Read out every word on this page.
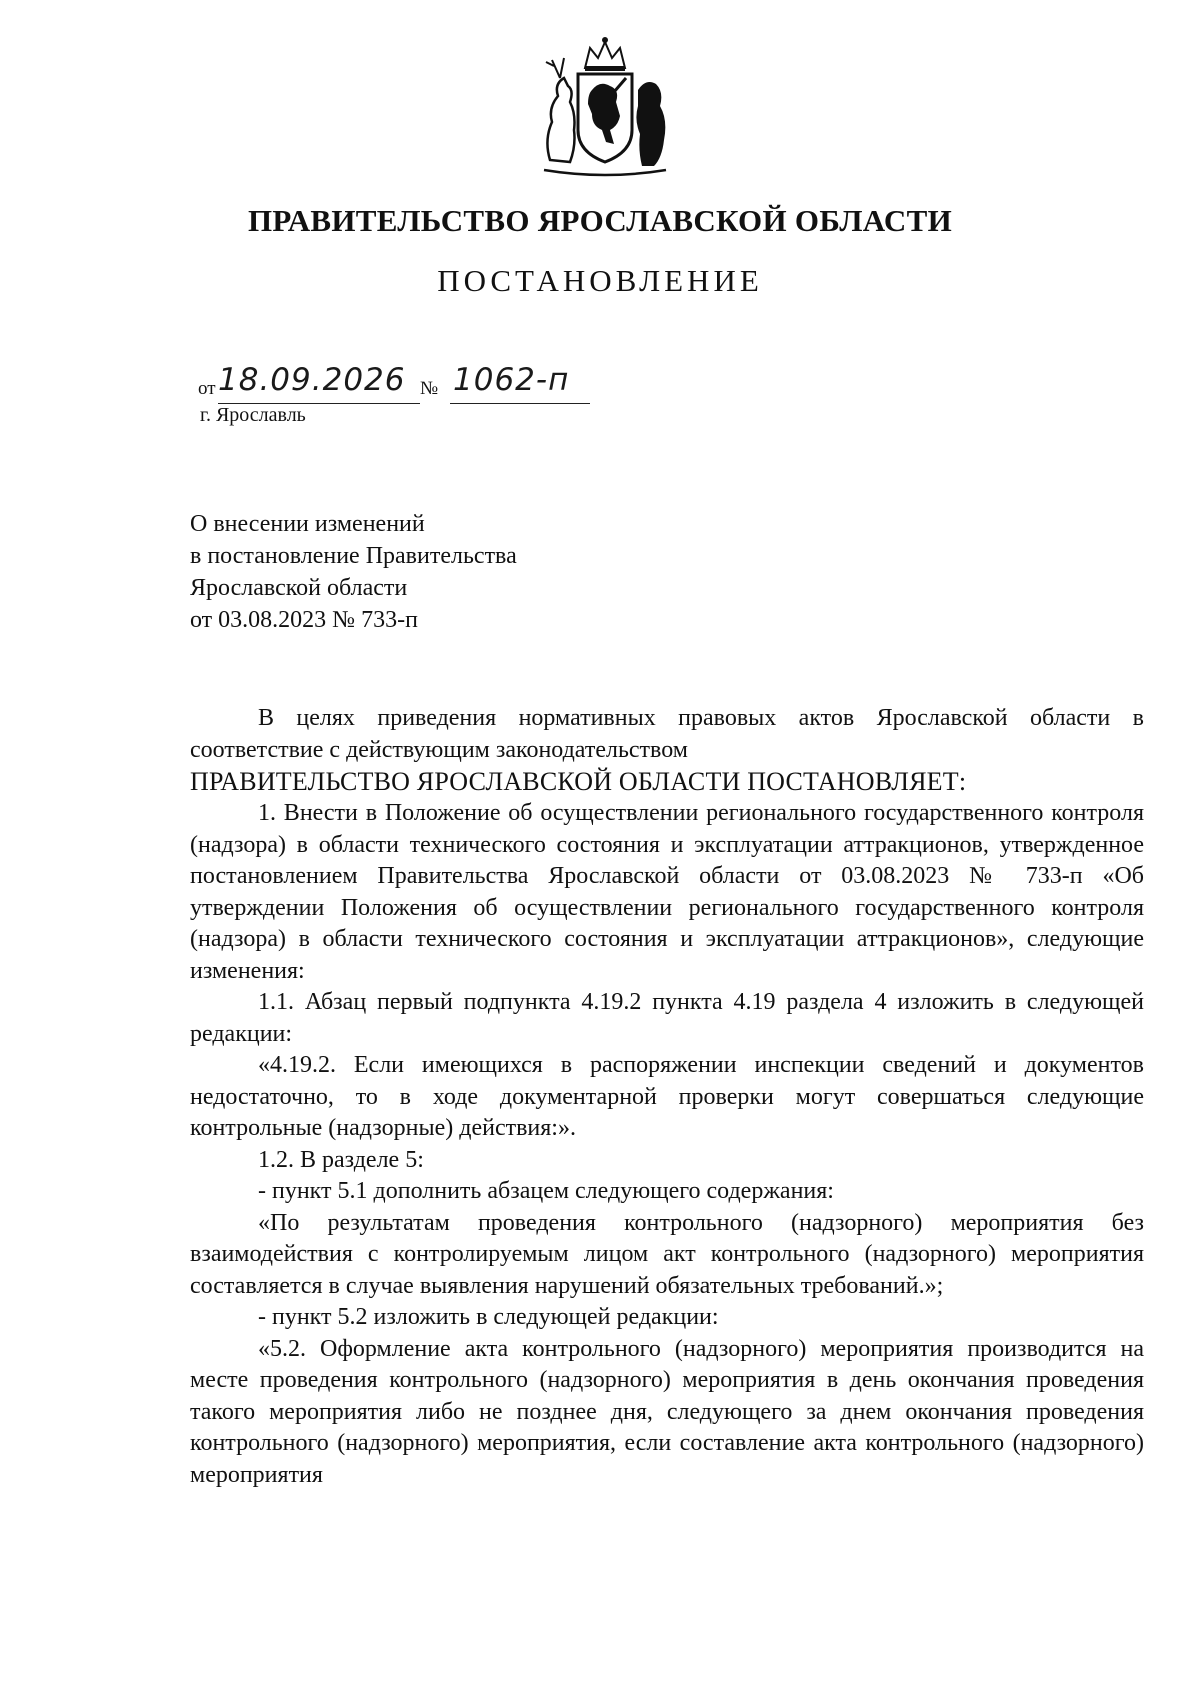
ПРАВИТЕЛЬСТВО ЯРОСЛАВСКОЙ ОБЛАСТИ
ПОСТАНОВЛЕНИЕ
от 18.09.2026 № 1062-п
г. Ярославль
О внесении изменений
в постановление Правительства
Ярославской области
от 03.08.2023 № 733-п

В целях приведения нормативных правовых актов Ярославской области в соответствие с действующим законодательством

ПРАВИТЕЛЬСТВО ЯРОСЛАВСКОЙ ОБЛАСТИ ПОСТАНОВЛЯЕТ:

1. Внести в Положение об осуществлении регионального государственного контроля (надзора) в области технического состояния и эксплуатации аттракционов, утвержденное постановлением Правительства Ярославской области от 03.08.2023 № 733-п «Об утверждении Положения об осуществлении регионального государственного контроля (надзора) в области технического состояния и эксплуатации аттракционов», следующие изменения:

1.1. Абзац первый подпункта 4.19.2 пункта 4.19 раздела 4 изложить в следующей редакции:

«4.19.2. Если имеющихся в распоряжении инспекции сведений и документов недостаточно, то в ходе документарной проверки могут совершаться следующие контрольные (надзорные) действия:».

1.2. В разделе 5:

- пункт 5.1 дополнить абзацем следующего содержания:

«По результатам проведения контрольного (надзорного) мероприятия без взаимодействия с контролируемым лицом акт контрольного (надзорного) мероприятия составляется в случае выявления нарушений обязательных требований.»;

- пункт 5.2 изложить в следующей редакции:

«5.2. Оформление акта контрольного (надзорного) мероприятия производится на месте проведения контрольного (надзорного) мероприятия в день окончания проведения такого мероприятия либо не позднее дня, следующего за днем окончания проведения контрольного (надзорного) мероприятия, если составление акта контрольного (надзорного) мероприятия
